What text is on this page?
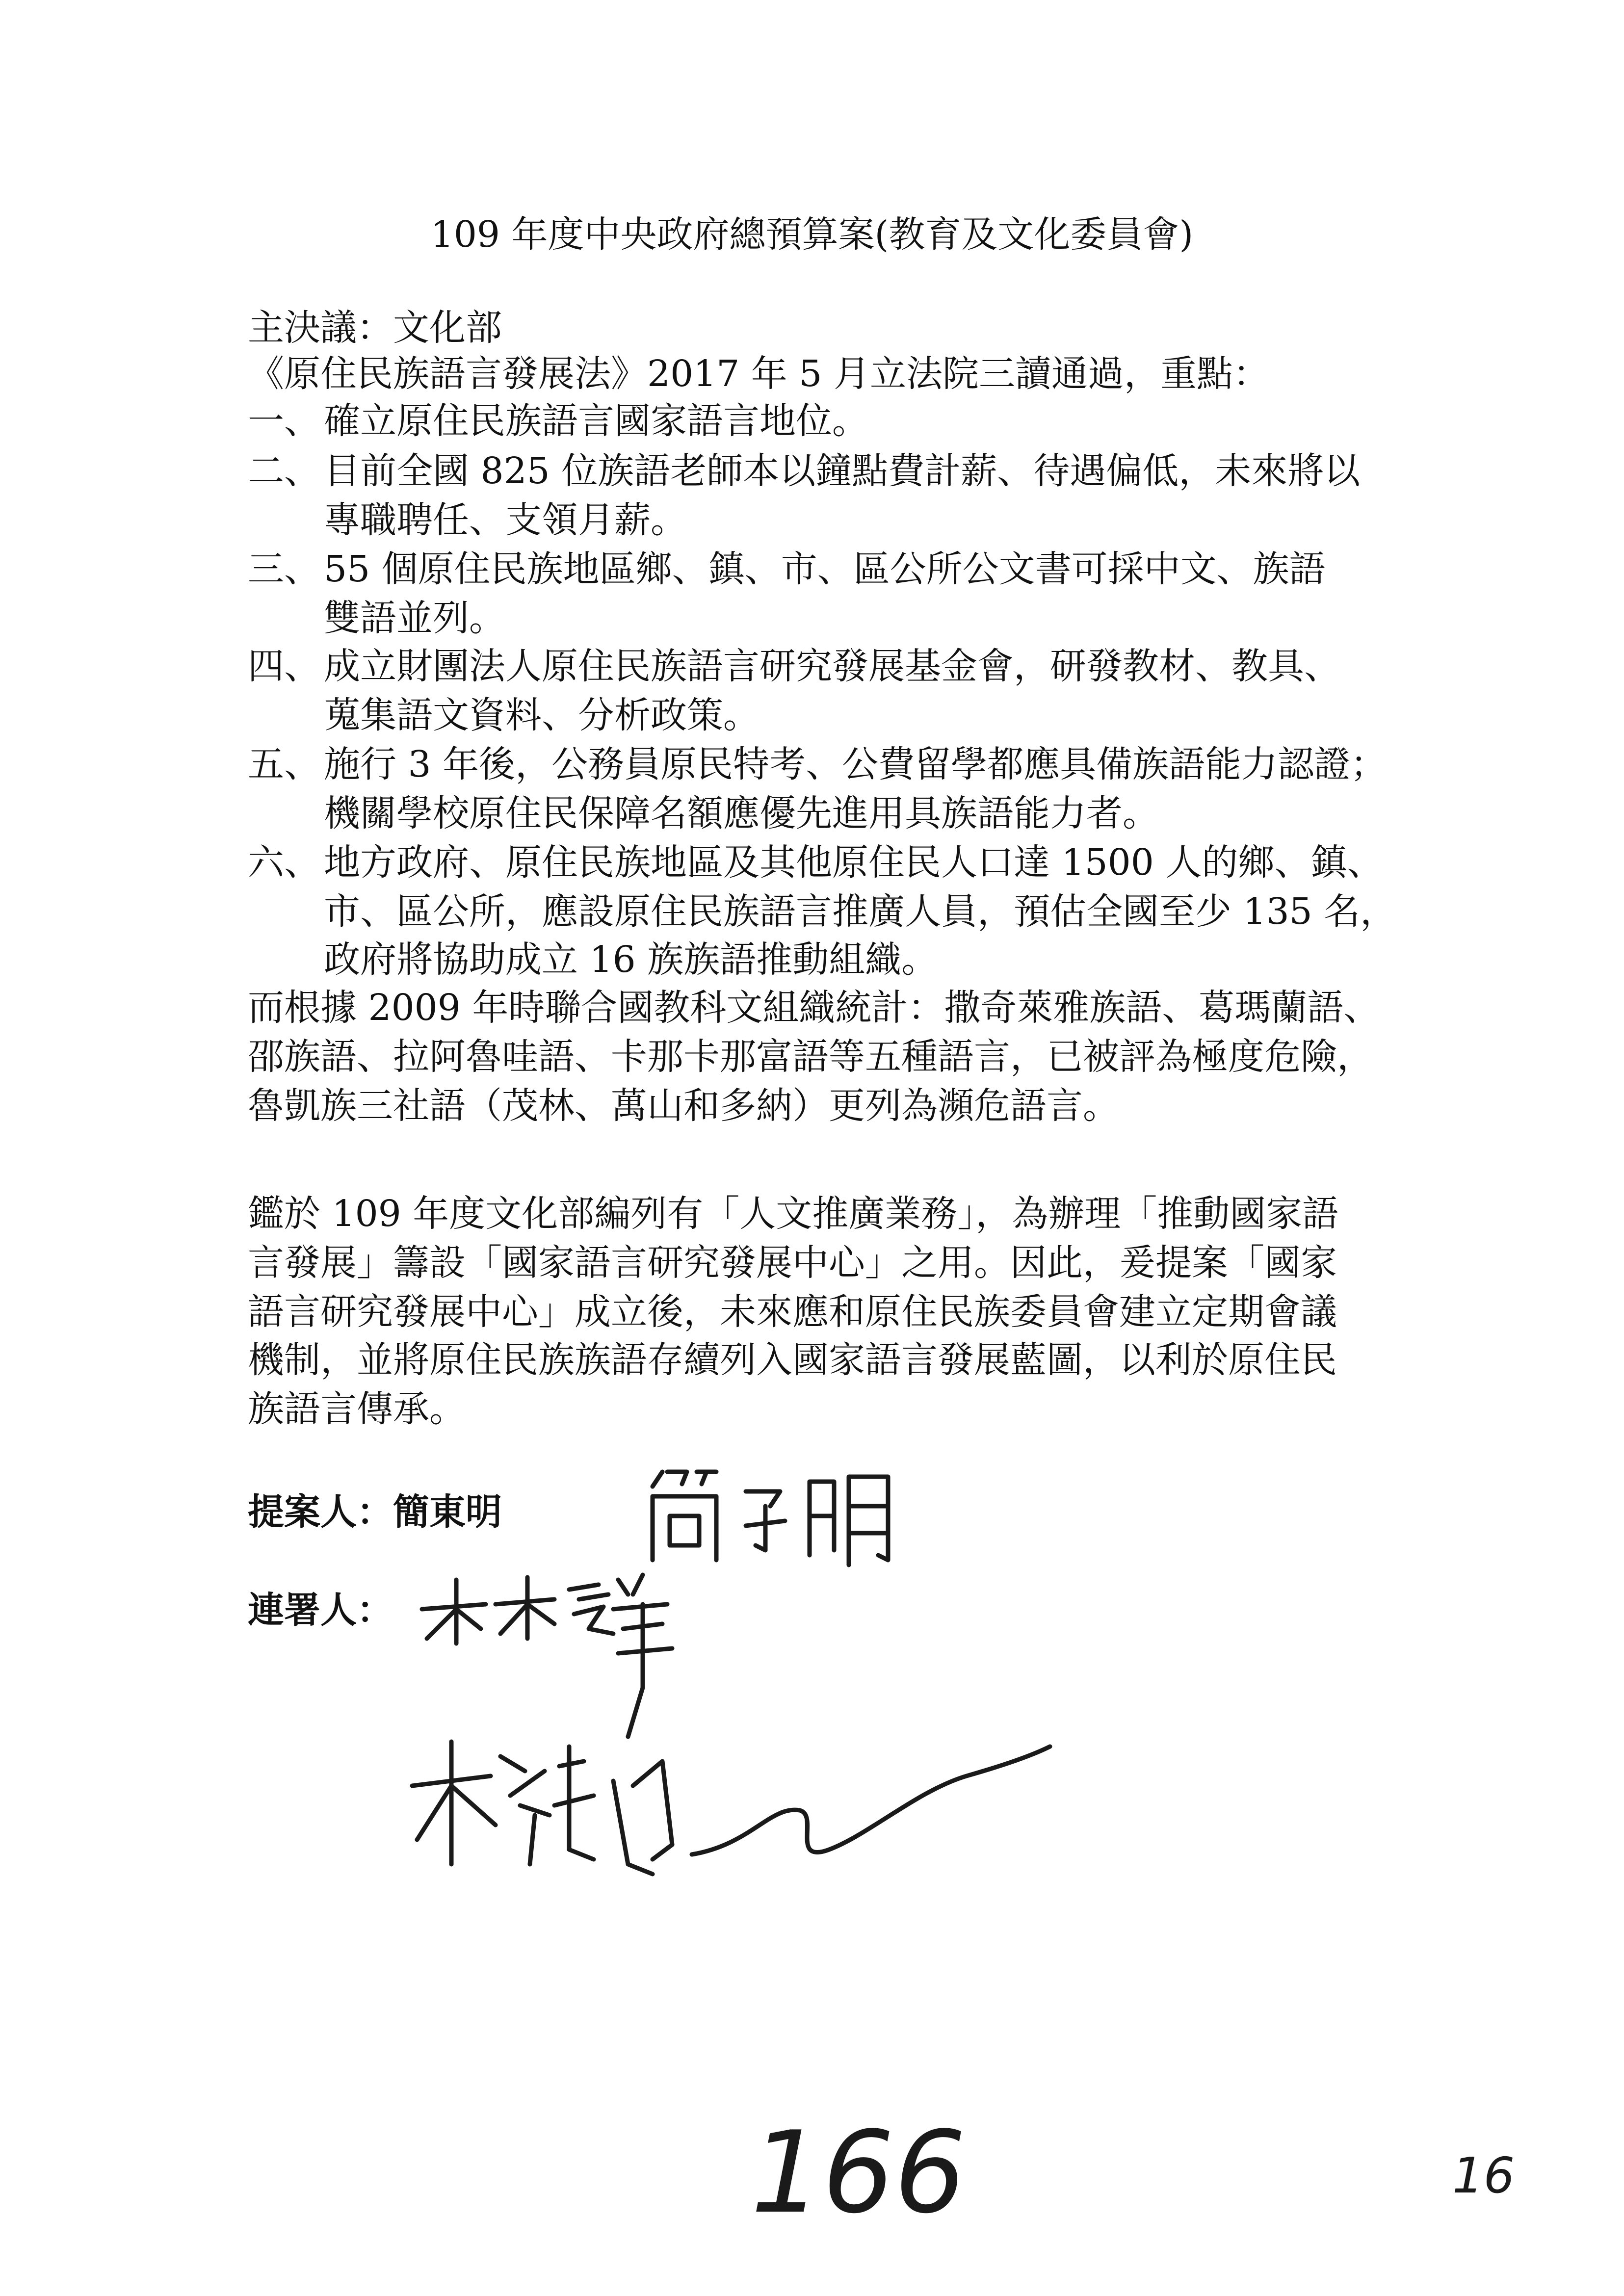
109 年度中央政府總預算案(教育及文化委員會)
主決議：文化部
《原住民族語言發展法》2017 年 5 月立法院三讀通過，重點：
一、確立原住民族語言國家語言地位。
二、目前全國 825 位族語老師本以鐘點費計薪、待遇偏低，未來將以
專職聘任、支領月薪。
三、55 個原住民族地區鄉、鎮、市、區公所公文書可採中文、族語
雙語並列。
四、成立財團法人原住民族語言研究發展基金會，研發教材、教具、
蒐集語文資料、分析政策。
五、施行 3 年後，公務員原民特考、公費留學都應具備族語能力認證；
機關學校原住民保障名額應優先進用具族語能力者。
六、地方政府、原住民族地區及其他原住民人口達 1500 人的鄉、鎮、
市、區公所，應設原住民族語言推廣人員，預估全國至少 135 名，
政府將協助成立 16 族族語推動組織。
而根據 2009 年時聯合國教科文組織統計：撒奇萊雅族語、葛瑪蘭語、
邵族語、拉阿魯哇語、卡那卡那富語等五種語言，已被評為極度危險，
魯凱族三社語（茂林、萬山和多納）更列為瀕危語言。
鑑於 109 年度文化部編列有「人文推廣業務」，為辦理「推動國家語
言發展」籌設「國家語言研究發展中心」之用。因此，爰提案「國家
語言研究發展中心」成立後，未來應和原住民族委員會建立定期會議
機制，並將原住民族族語存續列入國家語言發展藍圖，以利於原住民
族語言傳承。
提案人：簡東明
連署人：
166	16
